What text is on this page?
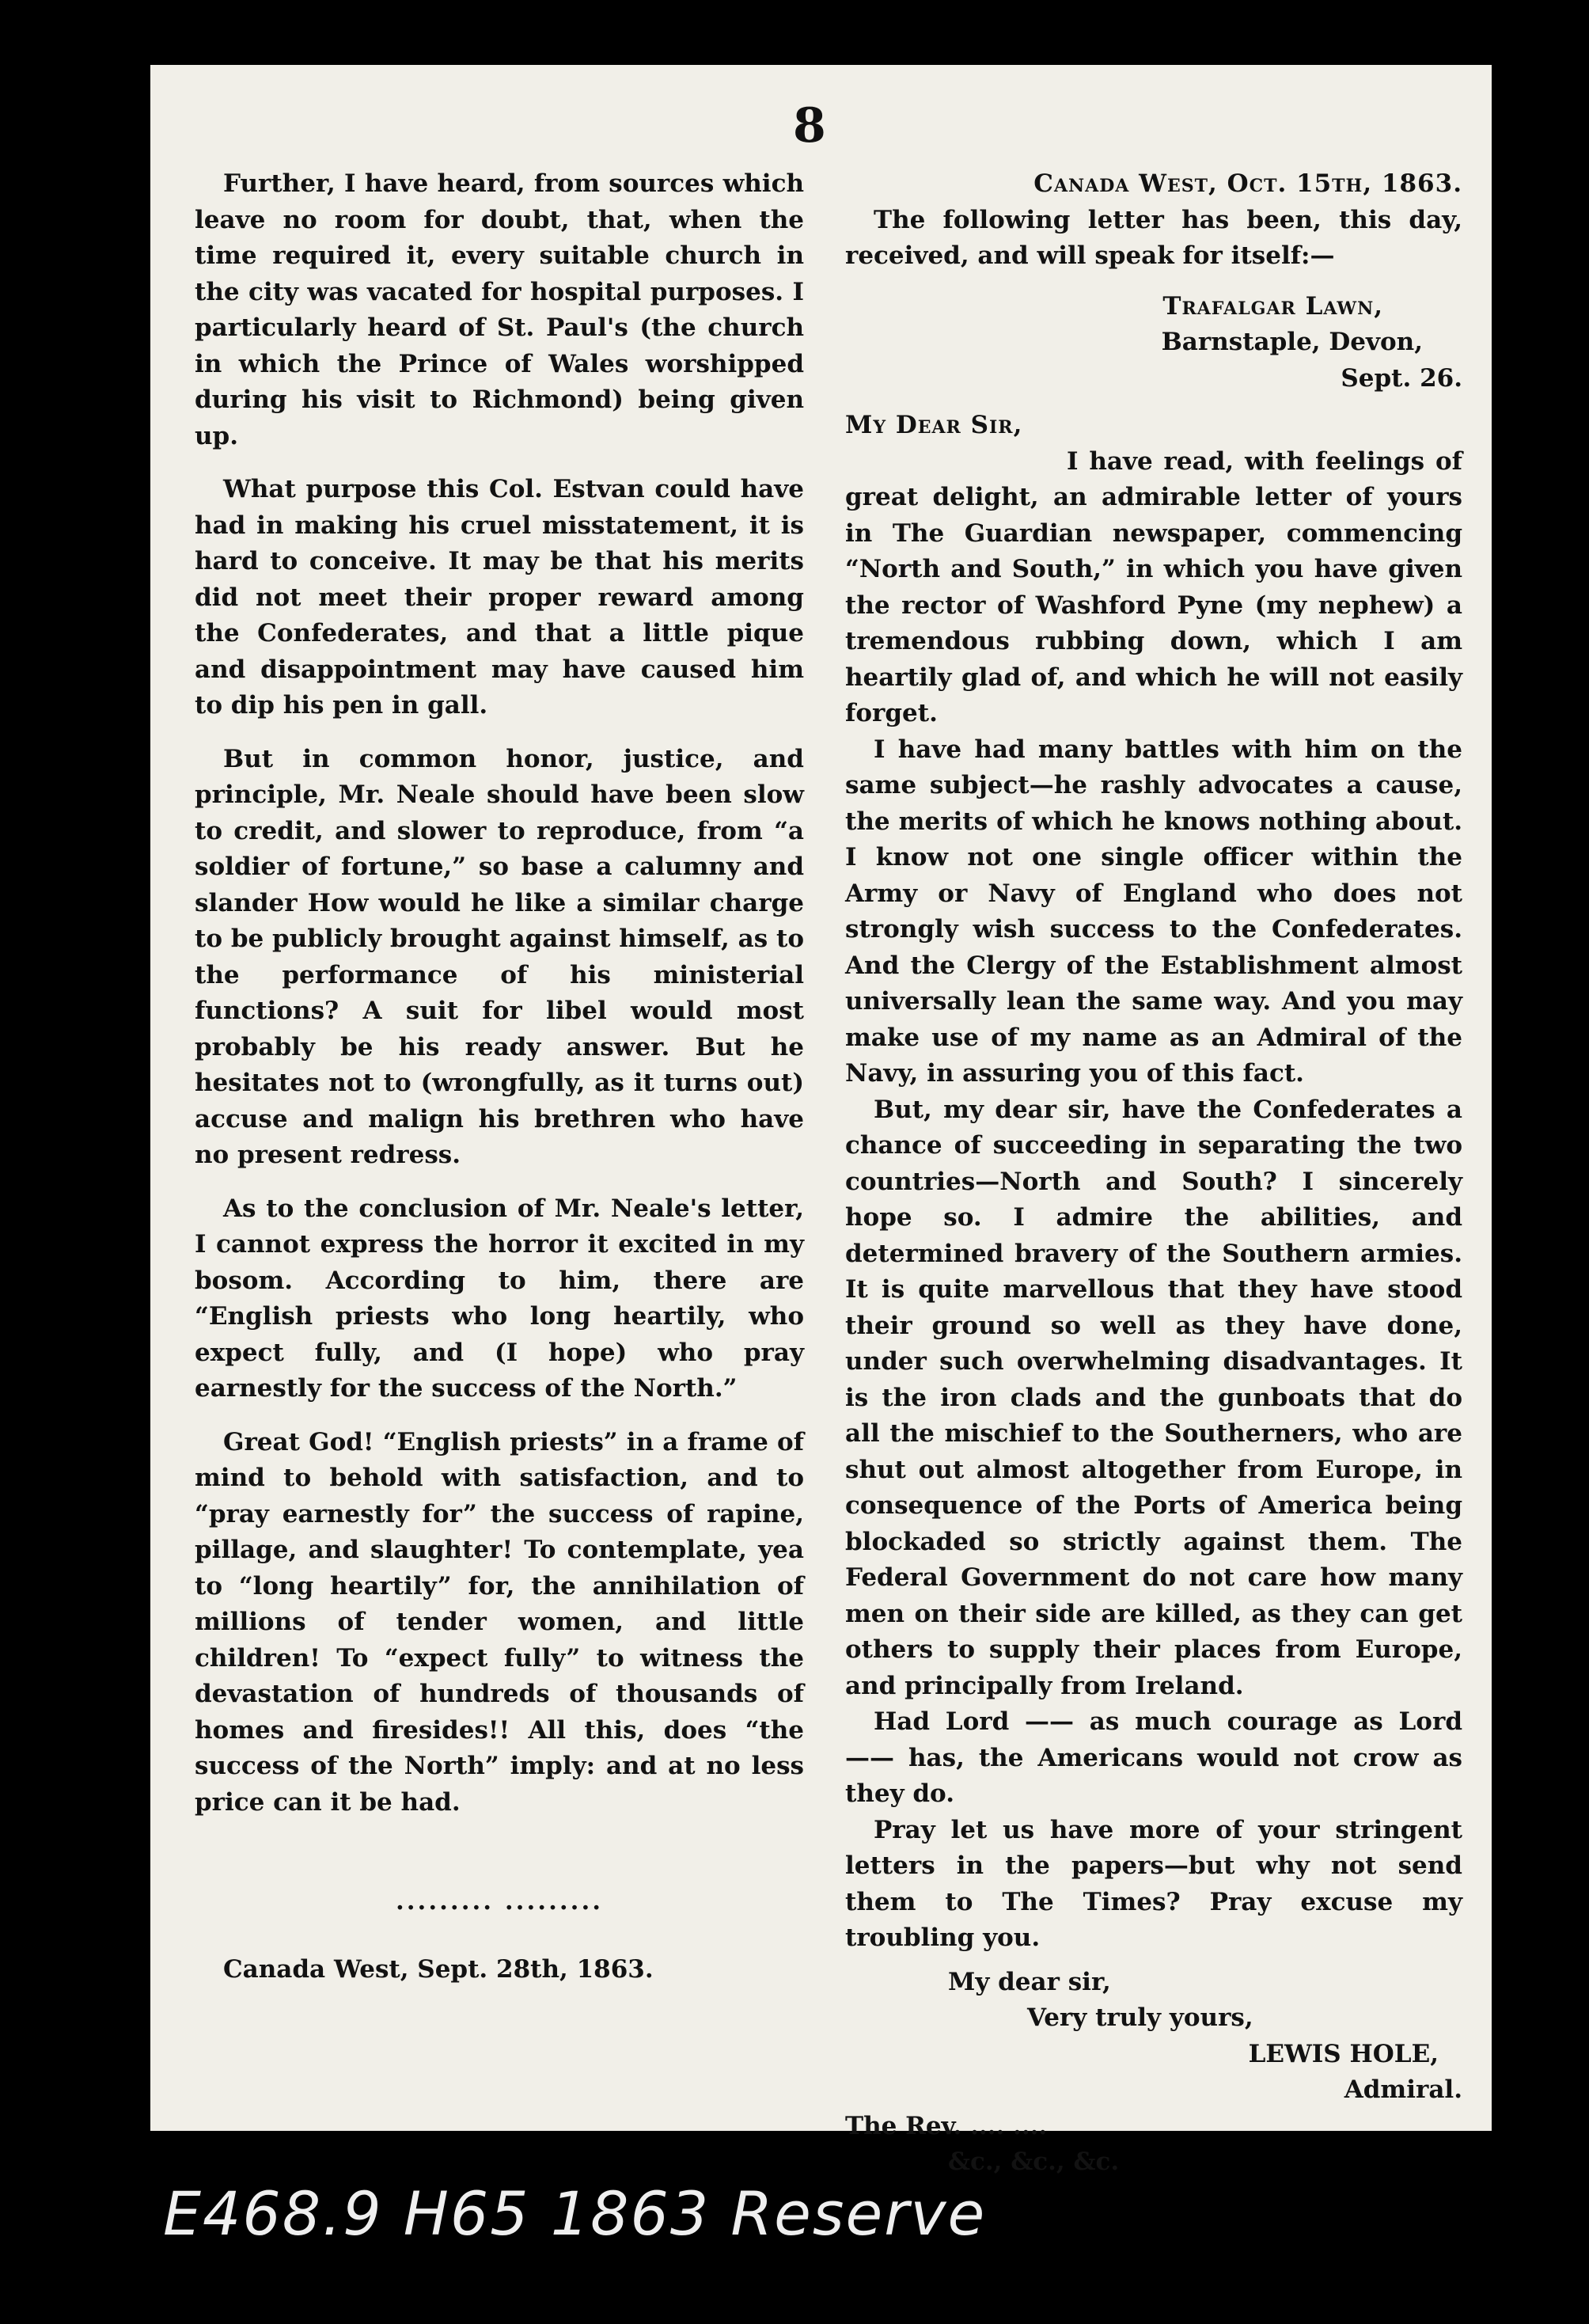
8

Further, I have heard, from sources which leave no room for doubt, that, when the time required it, every suitable church in the city was vacated for hospital purposes. I particularly heard of St. Paul's (the church in which the Prince of Wales worshipped during his visit to Richmond) being given up.

What purpose this Col. Estvan could have had in making his cruel misstatement, it is hard to conceive. It may be that his merits did not meet their proper reward among the Confederates, and that a little pique and disappointment may have caused him to dip his pen in gall.

But in common honor, justice, and principle, Mr. Neale should have been slow to credit, and slower to reproduce, from “a soldier of fortune,” so base a calumny and slander How would he like a similar charge to be publicly brought against himself, as to the performance of his ministerial functions? A suit for libel would most probably be his ready answer. But he hesitates not to (wrongfully, as it turns out) accuse and malign his brethren who have no present redress.

As to the conclusion of Mr. Neale's letter, I cannot express the horror it excited in my bosom. According to him, there are “English priests who long heartily, who expect fully, and (I hope) who pray earnestly for the success of the North.”

Great God! “English priests” in a frame of mind to behold with satisfaction, and to “pray earnestly for” the success of rapine, pillage, and slaughter! To contemplate, yea to “long heartily” for, the annihilation of millions of tender women, and little children! To “expect fully” to witness the devastation of hundreds of thousands of homes and firesides!! All this, does “the success of the North” imply: and at no less price can it be had.

......... .........

Canada West, Sept. 28th, 1863.

Canada West, Oct. 15th, 1863.

The following letter has been, this day, received, and will speak for itself:—

Trafalgar Lawn,

Barnstaple, Devon,

Sept. 26.

My Dear Sir,

I have read, with feelings of great delight, an admirable letter of yours in The Guardian newspaper, commencing “North and South,” in which you have given the rector of Washford Pyne (my nephew) a tremendous rubbing down, which I am heartily glad of, and which he will not easily forget.

I have had many battles with him on the same subject—he rashly advocates a cause, the merits of which he knows nothing about. I know not one single officer within the Army or Navy of England who does not strongly wish success to the Confederates. And the Clergy of the Establishment almost universally lean the same way. And you may make use of my name as an Admiral of the Navy, in assuring you of this fact.

But, my dear sir, have the Confederates a chance of succeeding in separating the two countries—North and South? I sincerely hope so. I admire the abilities, and determined bravery of the Southern armies. It is quite marvellous that they have stood their ground so well as they have done, under such overwhelming disadvantages. It is the iron clads and the gunboats that do all the mischief to the Southerners, who are shut out almost altogether from Europe, in consequence of the Ports of America being blockaded so strictly against them. The Federal Government do not care how many men on their side are killed, as they can get others to supply their places from Europe, and principally from Ireland.

Had Lord —— as much courage as Lord —— has, the Americans would not crow as they do.

Pray let us have more of your stringent letters in the papers—but why not send them to The Times? Pray excuse my troubling you.

My dear sir,

Very truly yours,

LEWIS HOLE,

Admiral.

The Rev. .... ....

&c., &c., &c.

E468.9 H65 1863 Reserve
